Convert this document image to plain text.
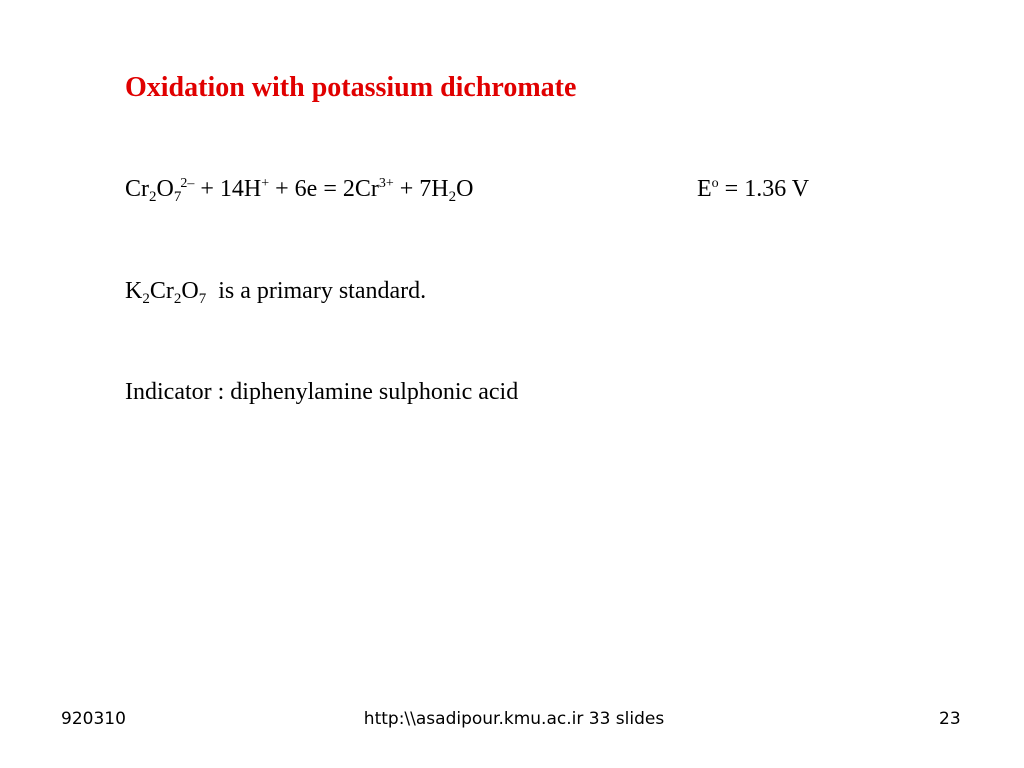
Oxidation with potassium dichromate
$Cr_2O_7^{2-} + 14H^+ + 6e = 2Cr^{3+} + 7H_2O$	$E^o = 1.36$ V
$K_2Cr_2O_7$  is a primary standard.
Indicator : diphenylamine sulphonic acid
920310	http:\\asadipour.kmu.ac.ir 33 slides	23
